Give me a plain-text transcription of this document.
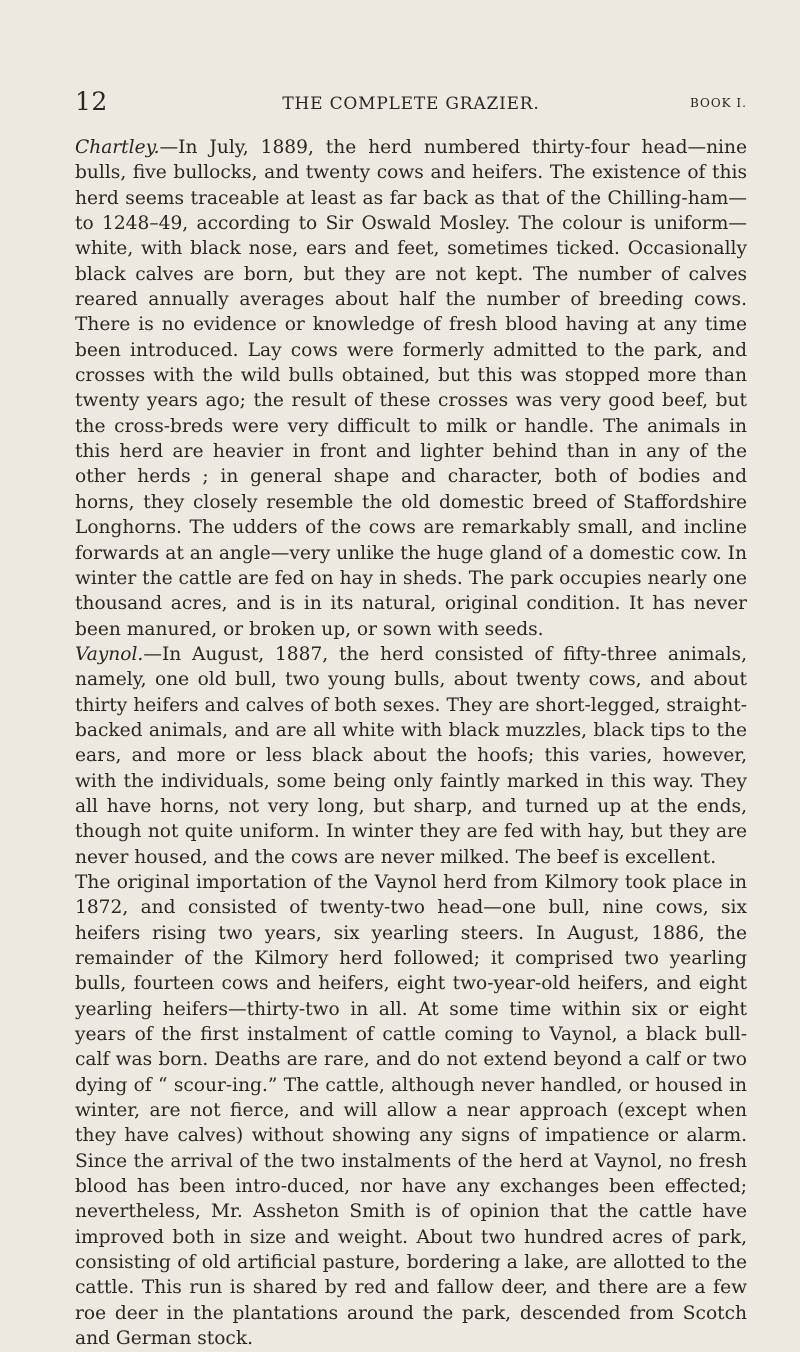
12	THE COMPLETE GRAZIER.	BOOK I.

Chartley.—In July, 1889, the herd numbered thirty-four head—nine bulls, five bullocks, and twenty cows and heifers. The existence of this herd seems traceable at least as far back as that of the Chilling-ham—to 1248–49, according to Sir Oswald Mosley. The colour is uniform—white, with black nose, ears and feet, sometimes ticked. Occasionally black calves are born, but they are not kept. The number of calves reared annually averages about half the number of breeding cows. There is no evidence or knowledge of fresh blood having at any time been introduced. Lay cows were formerly admitted to the park, and crosses with the wild bulls obtained, but this was stopped more than twenty years ago; the result of these crosses was very good beef, but the cross-breds were very difficult to milk or handle. The animals in this herd are heavier in front and lighter behind than in any of the other herds ; in general shape and character, both of bodies and horns, they closely resemble the old domestic breed of Staffordshire Longhorns. The udders of the cows are remarkably small, and incline forwards at an angle—very unlike the huge gland of a domestic cow. In winter the cattle are fed on hay in sheds. The park occupies nearly one thousand acres, and is in its natural, original condition. It has never been manured, or broken up, or sown with seeds.

Vaynol.—In August, 1887, the herd consisted of fifty-three animals, namely, one old bull, two young bulls, about twenty cows, and about thirty heifers and calves of both sexes. They are short-legged, straight-backed animals, and are all white with black muzzles, black tips to the ears, and more or less black about the hoofs; this varies, however, with the individuals, some being only faintly marked in this way. They all have horns, not very long, but sharp, and turned up at the ends, though not quite uniform. In winter they are fed with hay, but they are never housed, and the cows are never milked. The beef is excellent.

The original importation of the Vaynol herd from Kilmory took place in 1872, and consisted of twenty-two head—one bull, nine cows, six heifers rising two years, six yearling steers. In August, 1886, the remainder of the Kilmory herd followed; it comprised two yearling bulls, fourteen cows and heifers, eight two-year-old heifers, and eight yearling heifers—thirty-two in all. At some time within six or eight years of the first instalment of cattle coming to Vaynol, a black bull-calf was born. Deaths are rare, and do not extend beyond a calf or two dying of “ scour-ing.” The cattle, although never handled, or housed in winter, are not fierce, and will allow a near approach (except when they have calves) without showing any signs of impatience or alarm. Since the arrival of the two instalments of the herd at Vaynol, no fresh blood has been intro-duced, nor have any exchanges been effected; nevertheless, Mr. Assheton Smith is of opinion that the cattle have improved both in size and weight. About two hundred acres of park, consisting of old artificial pasture, bordering a lake, are allotted to the cattle. This run is shared by red and fallow deer, and there are a few roe deer in the plantations around the park, descended from Scotch and German stock.
